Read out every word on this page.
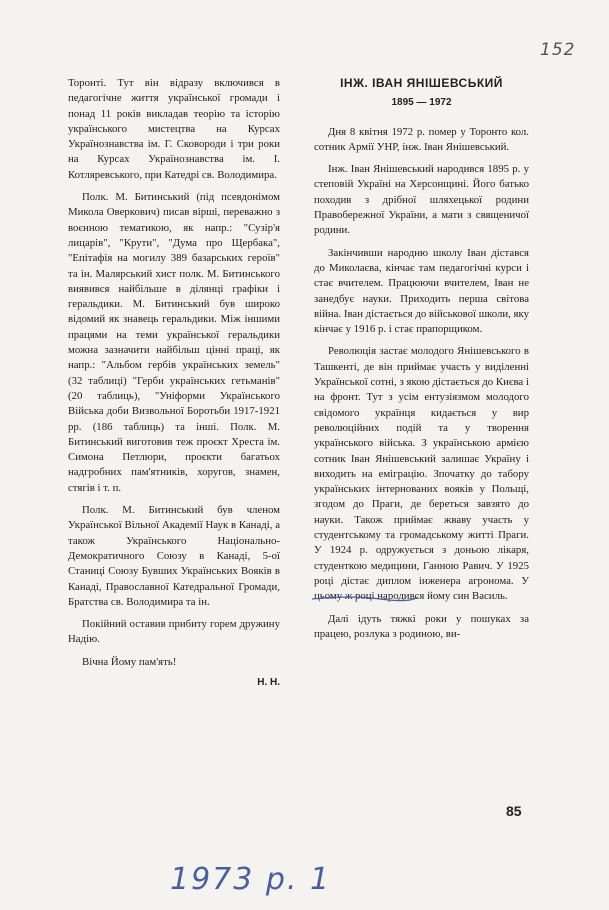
152

Торонті. Тут він відразу включився в педагогічне життя української громади і понад 11 років викладав теорію та історію українського мистецтва на Курсах Українознавства ім. Г. Сковороди і три роки на Курсах Українознавства ім. І. Котляревського, при Катедрі св. Володимира.

Полк. М. Битинський (під псевдонімом Микола Оверкович) писав вірші, переважно з воєнною тематикою, як напр.: "Сузір'я лицарів", "Крути", "Дума про Щербака", "Епітафія на могилу 389 базарських героїв" та ін. Малярський хист полк. М. Битинського виявився найбільше в ділянці графіки і геральдики. М. Битинський був широко відомий як знавець геральдики. Між іншими працями на теми української геральдики можна зазначити найбільш цінні праці, як напр.: "Альбом гербів українських земель" (32 таблиці) "Герби українських гетьманів" (20 таблиць), "Уніформи Українського Війська доби Визвольної Боротьби 1917-1921 рр. (186 таблиць) та інші. Полк. М. Битинський виготовив теж проєкт Хреста ім. Симона Петлюри, проєкти багатьох надгробних пам'ятників, хоругов, знамен, стягів і т. п.

Полк. М. Битинський був членом Української Вільної Академії Наук в Канаді, а також Українського Національно-Демократичного Союзу в Канаді, 5-ої Станиці Союзу Бувших Українських Вояків в Канаді, Православної Катедральної Громади, Братства св. Володимира та ін.

Покійний оставив прибиту горем дружину Надію.

Вічна Йому пам'ять!

Н. Н.
ІНЖ. ІВАН ЯНІШЕВСЬКИЙ
1895 — 1972

Дня 8 квітня 1972 р. помер у Торонто кол. сотник Армії УНР, інж. Іван Янішевський.

Інж. Іван Янішевський народився 1895 р. у степовій Україні на Херсонщині. Його батько походив з дрібної шляхецької родини Правобережної України, а мати з священичої родини.

Закінчивши народню школу Іван дістався до Миколаєва, кінчає там педагогічні курси і стає вчителем. Працюючи вчителем, Іван не занедбує науки. Приходить перша світова війна. Іван дістається до військової школи, яку кінчає у 1916 р. і стає прапорщиком.

Революція застає молодого Янішевського в Ташкенті, де він приймає участь у виділенні Української сотні, з якою дістається до Києва і на фронт. Тут з усім ентузіязмом молодого свідомого українця кидається у вир революційних подій та у творення українського війська. З українською армією сотник Іван Янішевський залишає Україну і виходить на еміграцію. Зпочатку до табору українських інтернованих вояків у Польщі, згодом до Праги, де береться завзято до науки. Також приймає жваву участь у студентському та громадському житті Праги. У 1924 р. одружується з доньою лікаря, студенткою медицини, Ганною Равич. У 1925 році дістає диплом інженера агронома. У цьому ж році народився йому син Василь.

Далі ідуть тяжкі роки у пошуках за працею, розлука з родиною, ви-

85
1973 р. 1
